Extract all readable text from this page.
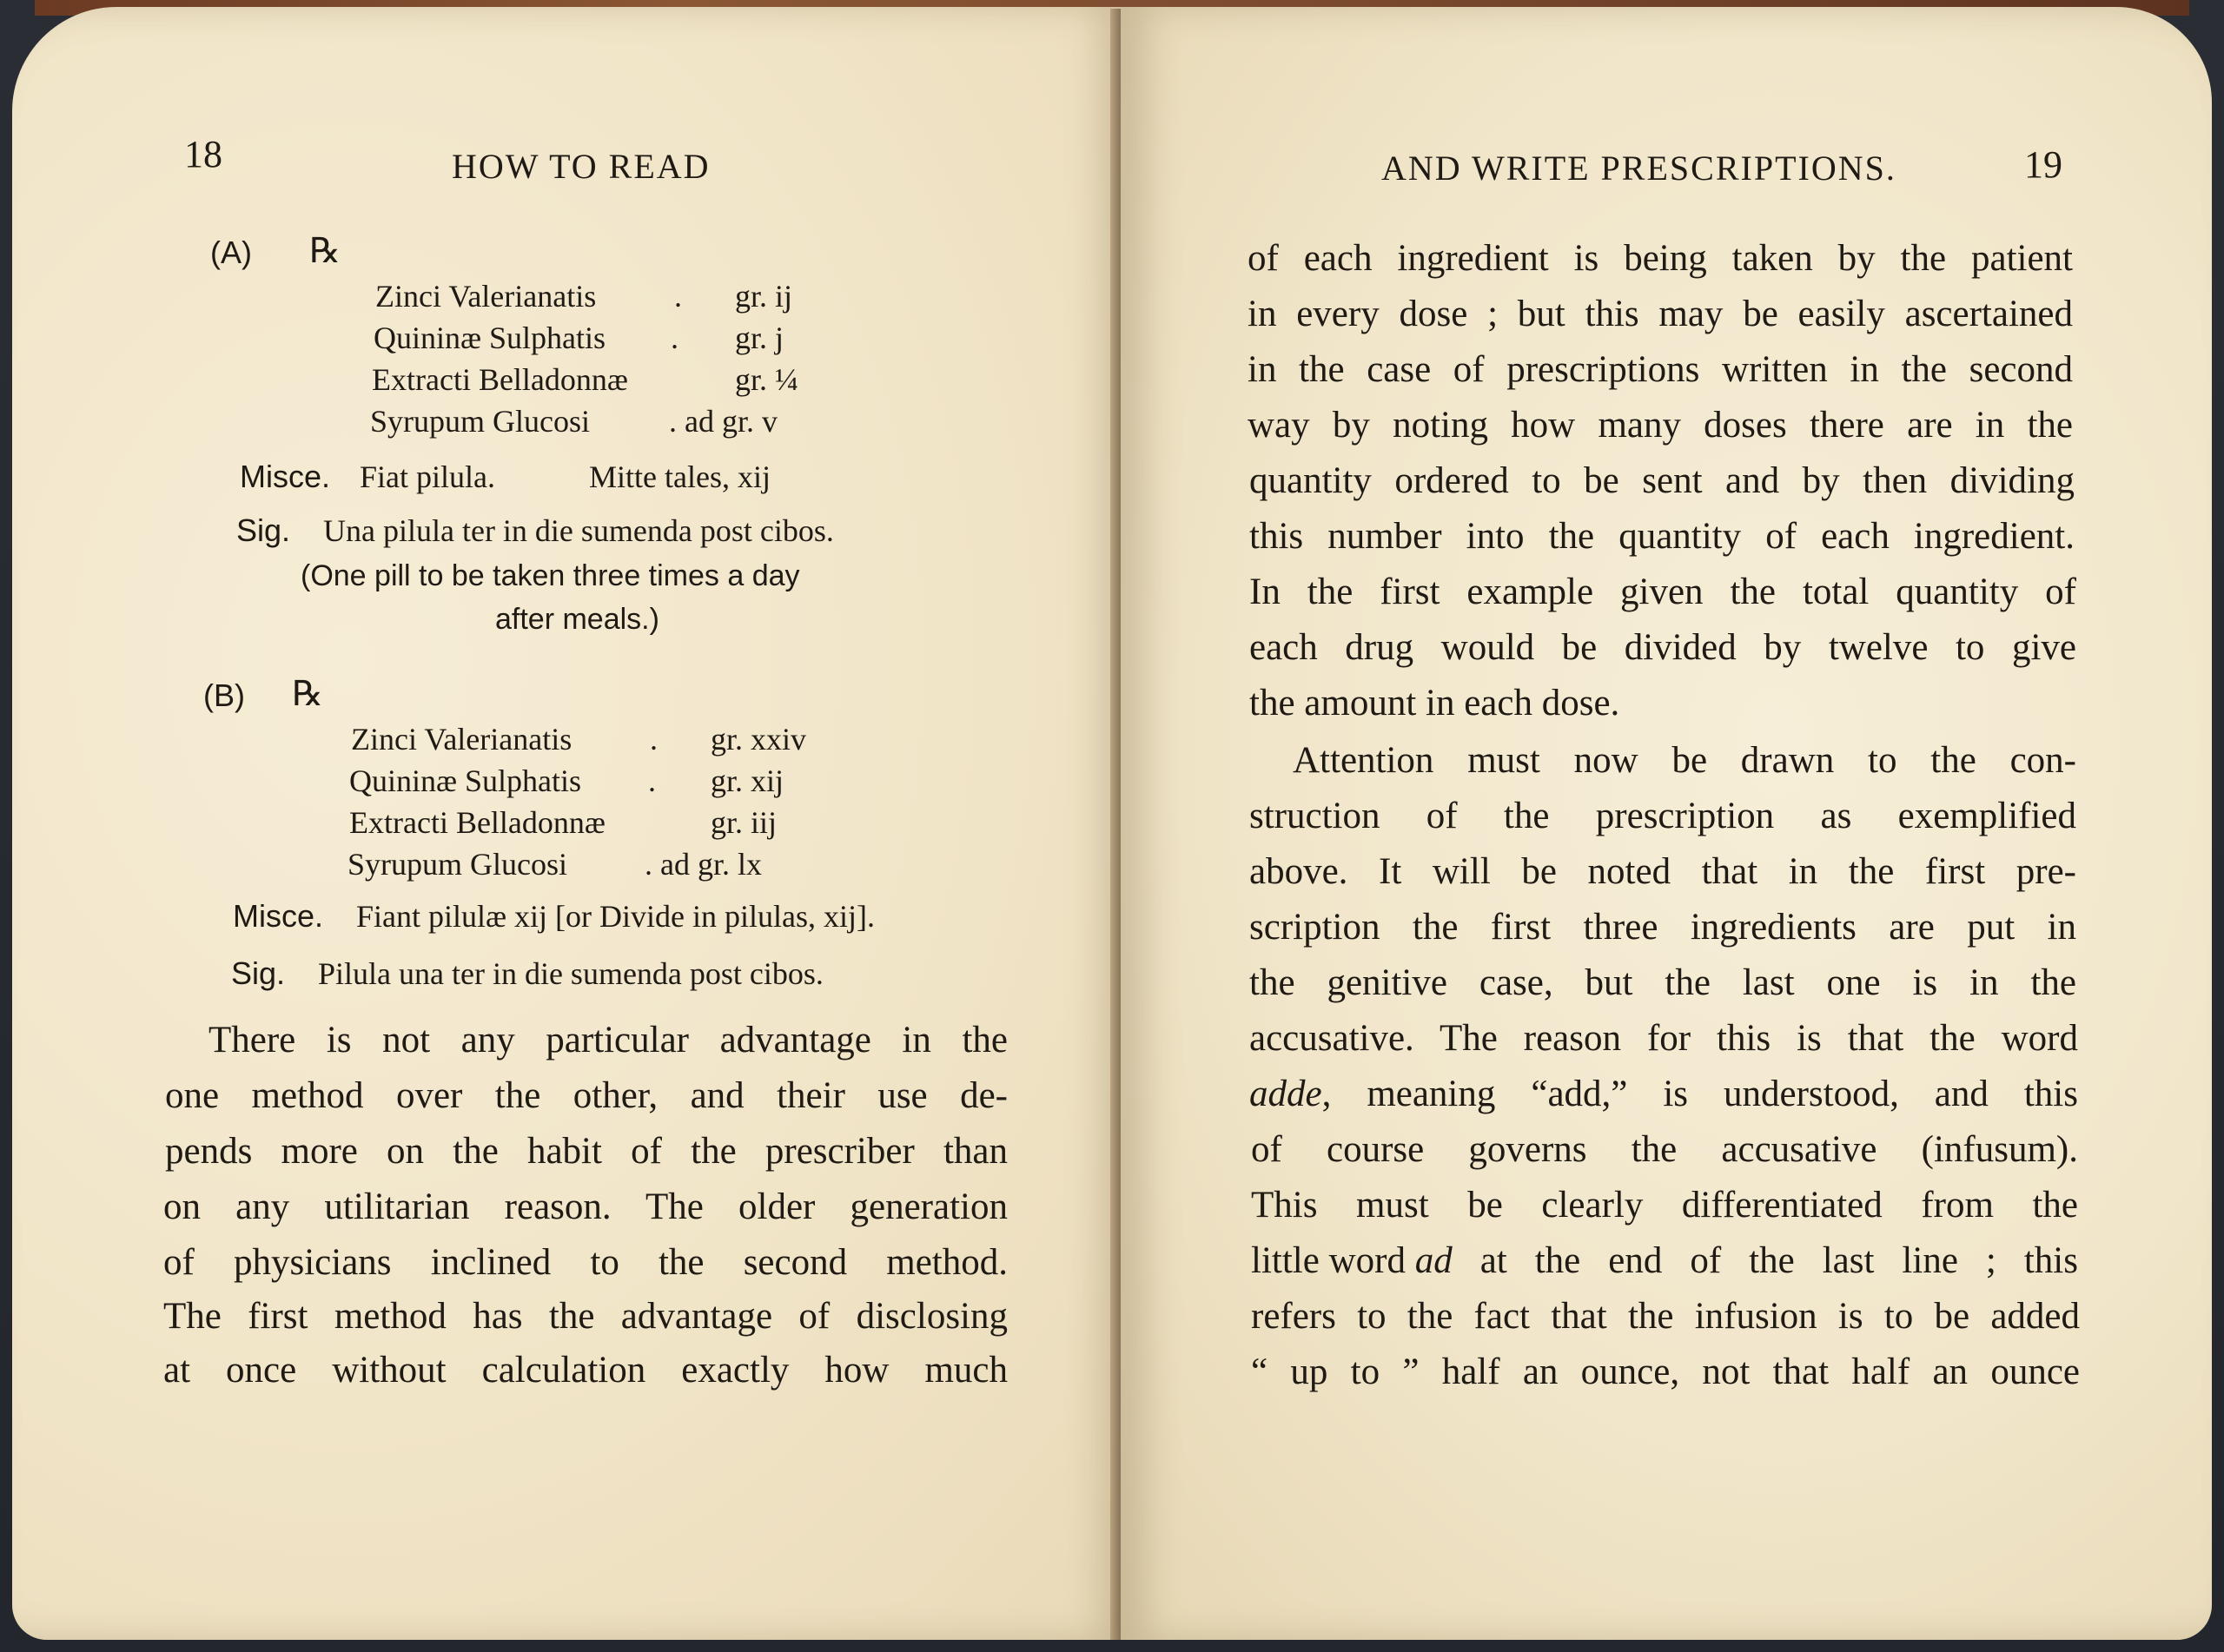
18	HOW TO READ
(A) ℞
Zinci Valerianatis . gr. ij
Quininæ Sulphatis . gr. j
Extracti Belladonnæ	gr. ¼
Syrupum Glucosi	. ad gr. v
Misce. Fiat pilula.	Mitte tales, xij
Sig. Una pilula ter in die sumenda post cibos.
(One pill to be taken three times a day
after meals.)
(B) ℞
Zinci Valerianatis . gr. xxiv
Quininæ Sulphatis . gr. xij
Extracti Belladonnæ	gr. iij
Syrupum Glucosi . ad gr. lx
Misce. Fiant pilulæ xij [or Divide in pilulas, xij].
Sig. Pilula una ter in die sumenda post cibos.
There is not any particular advantage in the
one method over the other, and their use de-
pends more on the habit of the prescriber than
on any utilitarian reason. The older generation
of physicians inclined to the second method.
The first method has the advantage of disclosing
at once without calculation exactly how much
AND WRITE PRESCRIPTIONS.	19
of each ingredient is being taken by the patient
in every dose ; but this may be easily ascertained
in the case of prescriptions written in the second
way by noting how many doses there are in the
quantity ordered to be sent and by then dividing
this number into the quantity of each ingredient.
In the first example given the total quantity of
each drug would be divided by twelve to give
the amount in each dose.
Attention must now be drawn to the con-
struction of the prescription as exemplified
above. It will be noted that in the first pre-
scription the first three ingredients are put in
the genitive case, but the last one is in the
accusative. The reason for this is that the word
adde , meaning “add,” is understood, and this
of course governs the accusative (infusum).
This must be clearly differentiated from the
little word ad at the end of the last line ; this
refers to the fact that the infusion is to be added
“ up to ” half an ounce, not that half an ounce
